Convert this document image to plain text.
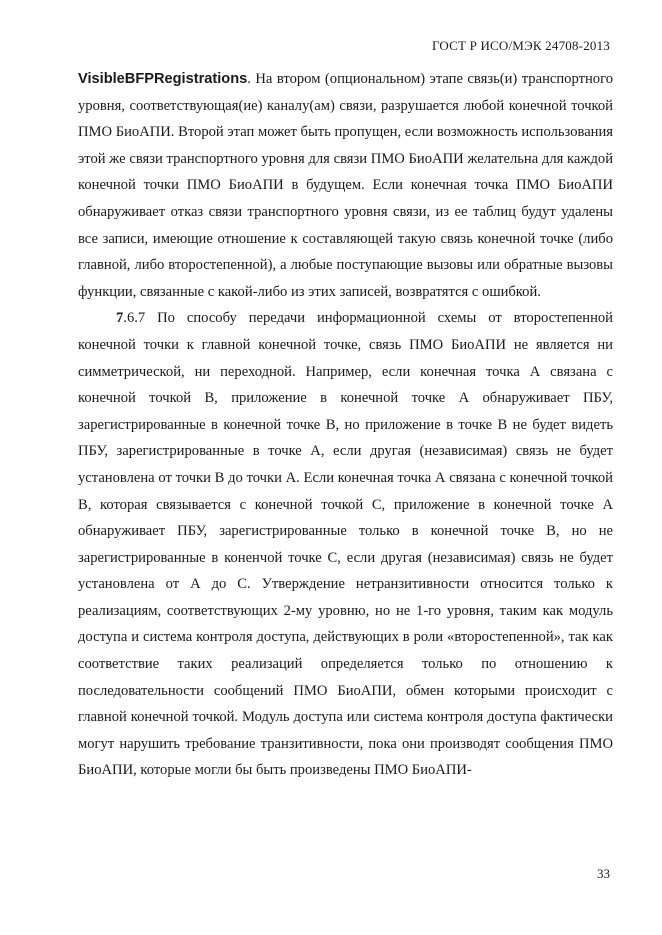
ГОСТ Р ИСО/МЭК 24708-2013

VisibleBFPRegistrations. На втором (опциональном) этапе связь(и) транспортного уровня, соответствующая(ие) каналу(ам) связи, разрушается любой конечной точкой ПМО БиоАПИ. Второй этап может быть пропущен, если возможность использования этой же связи транспортного уровня для связи ПМО БиоАПИ желательна для каждой конечной точки ПМО БиоАПИ в будущем. Если конечная точка ПМО БиоАПИ обнаруживает отказ связи транспортного уровня связи, из ее таблиц будут удалены все записи, имеющие отношение к составляющей такую связь конечной точке (либо главной, либо второстепенной), а любые поступающие вызовы или обратные вызовы функции, связанные с какой-либо из этих записей, возвратятся с ошибкой.

7.6.7 По способу передачи информационной схемы от второстепенной конечной точки к главной конечной точке, связь ПМО БиоАПИ не является ни симметрической, ни переходной. Например, если конечная точка А связана с конечной точкой В, приложение в конечной точке А обнаруживает ПБУ, зарегистрированные в конечной точке В, но приложение в точке В не будет видеть ПБУ, зарегистрированные в точке А, если другая (независимая) связь не будет установлена от точки В до точки А. Если конечная точка А связана с конечной точкой В, которая связывается с конечной точкой С, приложение в конечной точке А обнаруживает ПБУ, зарегистрированные только в конечной точке В, но не зарегистрированные в коненчой точке С, если другая (независимая) связь не будет установлена от А до С. Утверждение нетранзитивности относится только к реализациям, соответствующих 2-му уровню, но не 1-го уровня, таким как модуль доступа и система контроля доступа, действующих в роли «второстепенной», так как соответствие таких реализаций определяется только по отношению к последовательности сообщений ПМО БиоАПИ, обмен которыми происходит с главной конечной точкой. Модуль доступа или система контроля доступа фактически могут нарушить требование транзитивности, пока они производят сообщения ПМО БиоАПИ, которые могли бы быть произведены ПМО БиоАПИ-

33
